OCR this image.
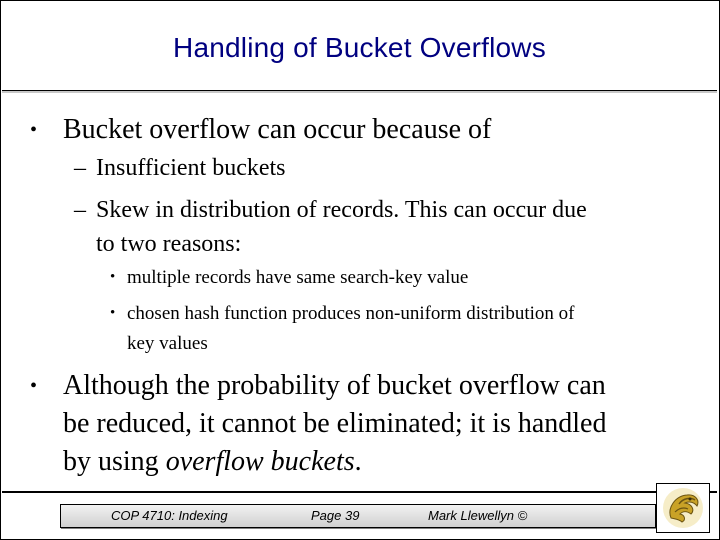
Handling of Bucket Overflows
• Bucket overflow can occur because of
– Insufficient buckets
– Skew in distribution of records. This can occur due
to two reasons:
• multiple records have same search-key value
• chosen hash function produces non-uniform distribution of
key values
• Although the probability of bucket overflow can
be reduced, it cannot be eliminated; it is handled
by using overflow buckets.
COP 4710: Indexing	Page 39	Mark Llewellyn ©
